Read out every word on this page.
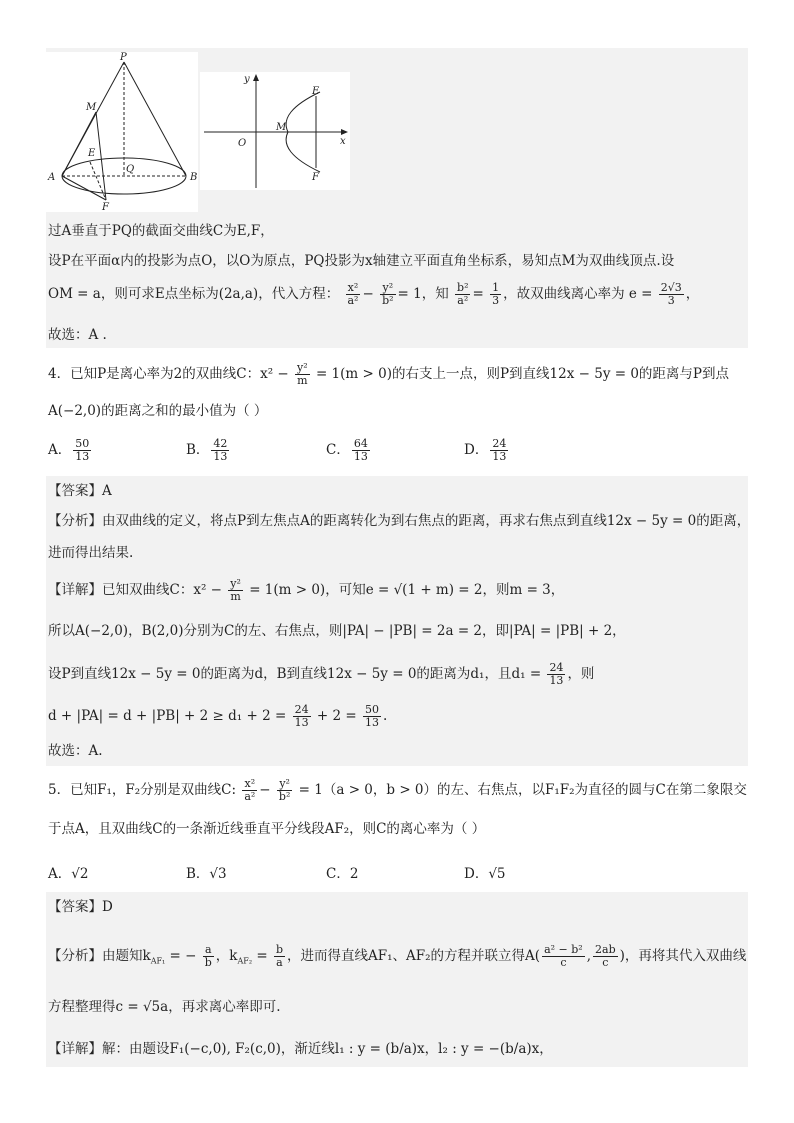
P
M
E
A
Q
B
F
y
x
O
M
E
F
过A垂直于PQ的截面交曲线C为E,F，
设P在平面α内的投影为点O，以O为原点，PQ投影为x轴建立平面直角坐标系，易知点M为双曲线顶点.设
OM = a，则可求E点坐标为(2a,a)，代入方程： $\frac{\text{x²}}{\text{a²}} - \frac{\text{y²}}{\text{b²}} = 1$，知 $\frac{\text{b²}}{\text{a²}} = \frac{1}{3}$ ，故双曲线离心率为 $e = \frac{2√3}{3}$ ，
故选：A .
4．已知P是离心率为2的双曲线C：$x^2 - \frac{\text{y²}}{m} = 1(m > 0)$的右支上一点，则P到直线12x − 5y = 0的距离与P到点
A(−2,0)的距离之和的最小值为（ ）
A． $\frac{50}{13}$	B． $\frac{42}{13}$	C． $\frac{64}{13}$	D． $\frac{24}{13}$
【答案】A
【分析】由双曲线的定义，将点P到左焦点A的距离转化为到右焦点的距离，再求右焦点到直线12x − 5y = 0的距离，
进而得出结果.
【详解】已知双曲线C：$x^2 - \frac{\text{y²}}{m} = 1(m > 0)$，可知e = √(1 + m) = 2，则m = 3，
所以A(−2,0)，B(2,0)分别为C的左、右焦点，则|PA| − |PB| = 2a = 2，即|PA| = |PB| + 2，
设P到直线12x − 5y = 0的距离为d，B到直线12x − 5y = 0的距离为d₁，且$d_1 = \frac{24}{13}$ ，则
$d + |PA| = d + |PB| + 2 \ge d_1 + 2 = \frac{24}{13} + 2 = \frac{50}{13}$ .
故选：A.
5．已知F₁，F₂分别是双曲线C: $\frac{\text{x²}}{\text{a²}} - \frac{\text{y²}}{\text{b²}} = 1(a > 0$，b > 0）的左、右焦点，以F₁F₂为直径的圆与C在第二象限交
于点A，且双曲线C的一条渐近线垂直平分线段AF₂，则C的离心率为（ ）
A．√2	B．√3	C．2	D．√5
【答案】D
【分析】由题知$k_{AF_1}$ = − $\frac{a}{b}$ ，$k_{AF_2} = \frac{b}{a}$ ，进而得直线AF₁、AF₂的方程并联立得$A( \frac{\text{a² − b²}}{c}$ , $\frac{2ab}{c}$ )，再将其代入双曲线
方程整理得c = √5a，再求离心率即可.
【详解】解：由题设F₁(−c,0), F₂(c,0)，渐近线l₁ : y = (b/a)x，l₂ : y = −(b/a)x，
